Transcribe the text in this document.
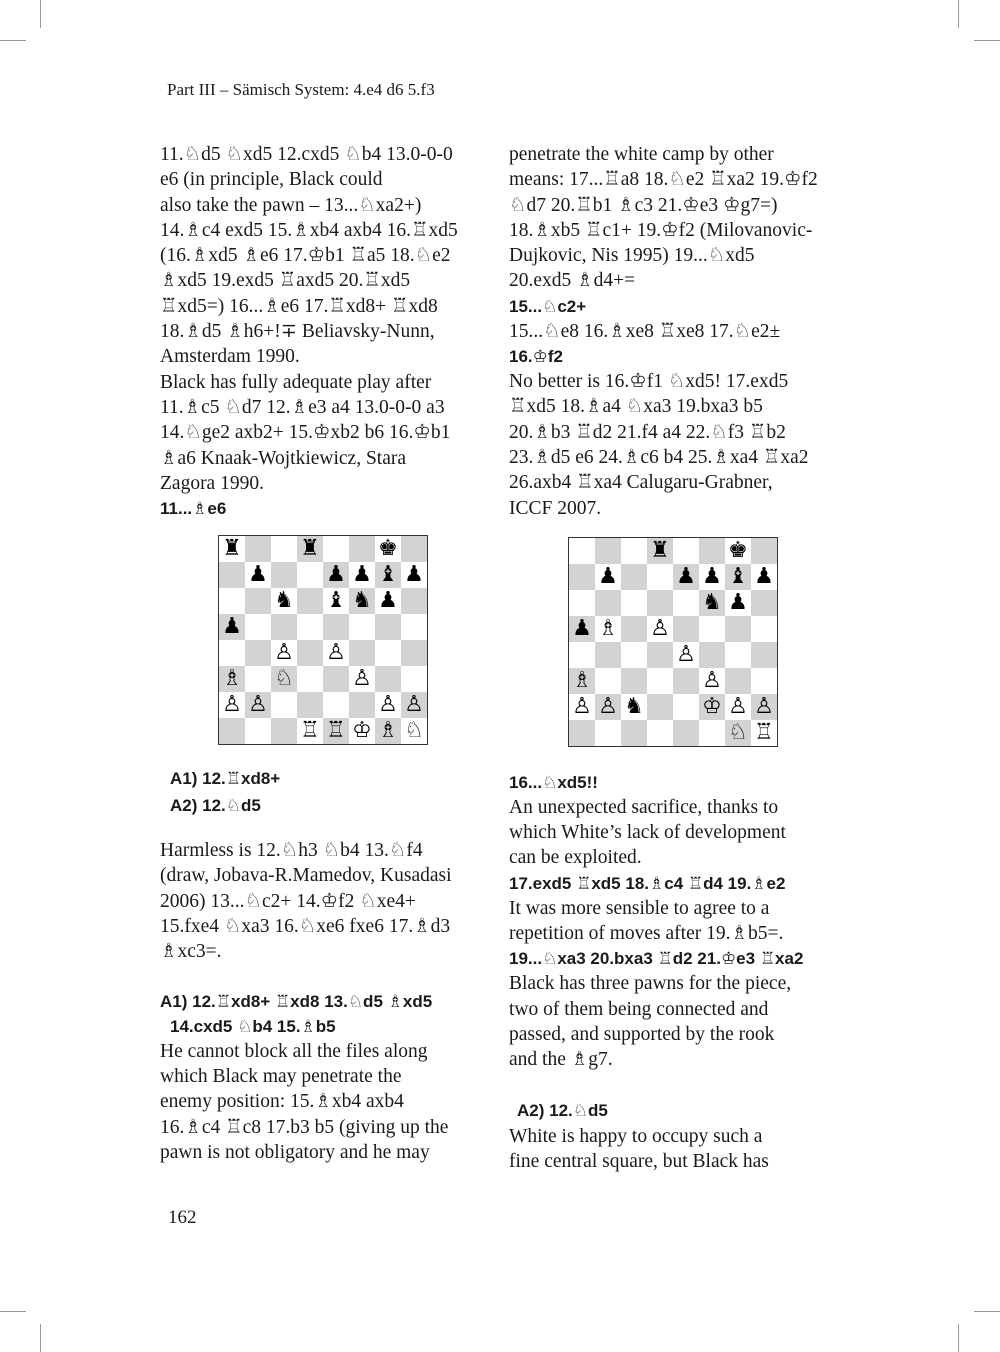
Part III – Sämisch System: 4.e4 d6 5.f3

11.♘d5 ♘xd5 12.cxd5 ♘b4 13.0-0-0
e6 (in principle, Black could
also take the pawn – 13...♘xa2+)
14.♗c4 exd5 15.♗xb4 axb4 16.♖xd5
(16.♗xd5 ♗e6 17.♔b1 ♖a5 18.♘e2
♗xd5 19.exd5 ♖axd5 20.♖xd5
♖xd5=) 16...♗e6 17.♖xd8+ ♖xd8
18.♗d5 ♗h6+!∓ Beliavsky-Nunn,
Amsterdam 1990.

Black has fully adequate play after
11.♗c5 ♘d7 12.♗e3 a4 13.0-0-0 a3
14.♘ge2 axb2+ 15.♔xb2 b6 16.♔b1
♗a6 Knaak-Wojtkiewicz, Stara
Zagora 1990.

11...♗e6

♜	♜	♚
♟	♟ ♟ ♝ ♟
♞ ♝ ♞ ♟
♟
♙ ♙
♗ ♘	♙
♙ ♙	♙ ♙
♖ ♖ ♔ ♗ ♘

A1) 12.♖xd8+

A2) 12.♘d5

Harmless is 12.♘h3 ♘b4 13.♘f4
(draw, Jobava-R.Mamedov, Kusadasi
2006) 13...♘c2+ 14.♔f2 ♘xe4+
15.fxe4 ♘xa3 16.♘xe6 fxe6 17.♗d3
♗xc3=.

A1) 12.♖xd8+ ♖xd8 13.♘d5 ♗xd5
14.cxd5 ♘b4 15.♗b5

He cannot block all the files along
which Black may penetrate the
enemy position: 15.♗xb4 axb4
16.♗c4 ♖c8 17.b3 b5 (giving up the
pawn is not obligatory and he may

penetrate the white camp by other
means: 17...♖a8 18.♘e2 ♖xa2 19.♔f2
♘d7 20.♖b1 ♗c3 21.♔e3 ♔g7=)
18.♗xb5 ♖c1+ 19.♔f2 (Milovanovic-
Dujkovic, Nis 1995) 19...♘xd5
20.exd5 ♗d4+=

15...♘c2+

15...♘e8 16.♗xe8 ♖xe8 17.♘e2±

16.♔f2

No better is 16.♔f1 ♘xd5! 17.exd5
♖xd5 18.♗a4 ♘xa3 19.bxa3 b5
20.♗b3 ♖d2 21.f4 a4 22.♘f3 ♖b2
23.♗d5 e6 24.♗c6 b4 25.♗xa4 ♖xa2
26.axb4 ♖xa4 Calugaru-Grabner,
ICCF 2007.

♜	♚
♟	♟ ♟ ♝ ♟
♞ ♟
♟ ♗ ♙
♙
♗	♙
♙ ♙ ♞	♔ ♙ ♙
♘ ♖

16...♘xd5!!

An unexpected sacrifice, thanks to
which White’s lack of development
can be exploited.

17.exd5 ♖xd5 18.♗c4 ♖d4 19.♗e2

It was more sensible to agree to a
repetition of moves after 19.♗b5=.

19...♘xa3 20.bxa3 ♖d2 21.♔e3 ♖xa2

Black has three pawns for the piece,
two of them being connected and
passed, and supported by the rook
and the ♗g7.

A2) 12.♘d5

White is happy to occupy such a
fine central square, but Black has

162
